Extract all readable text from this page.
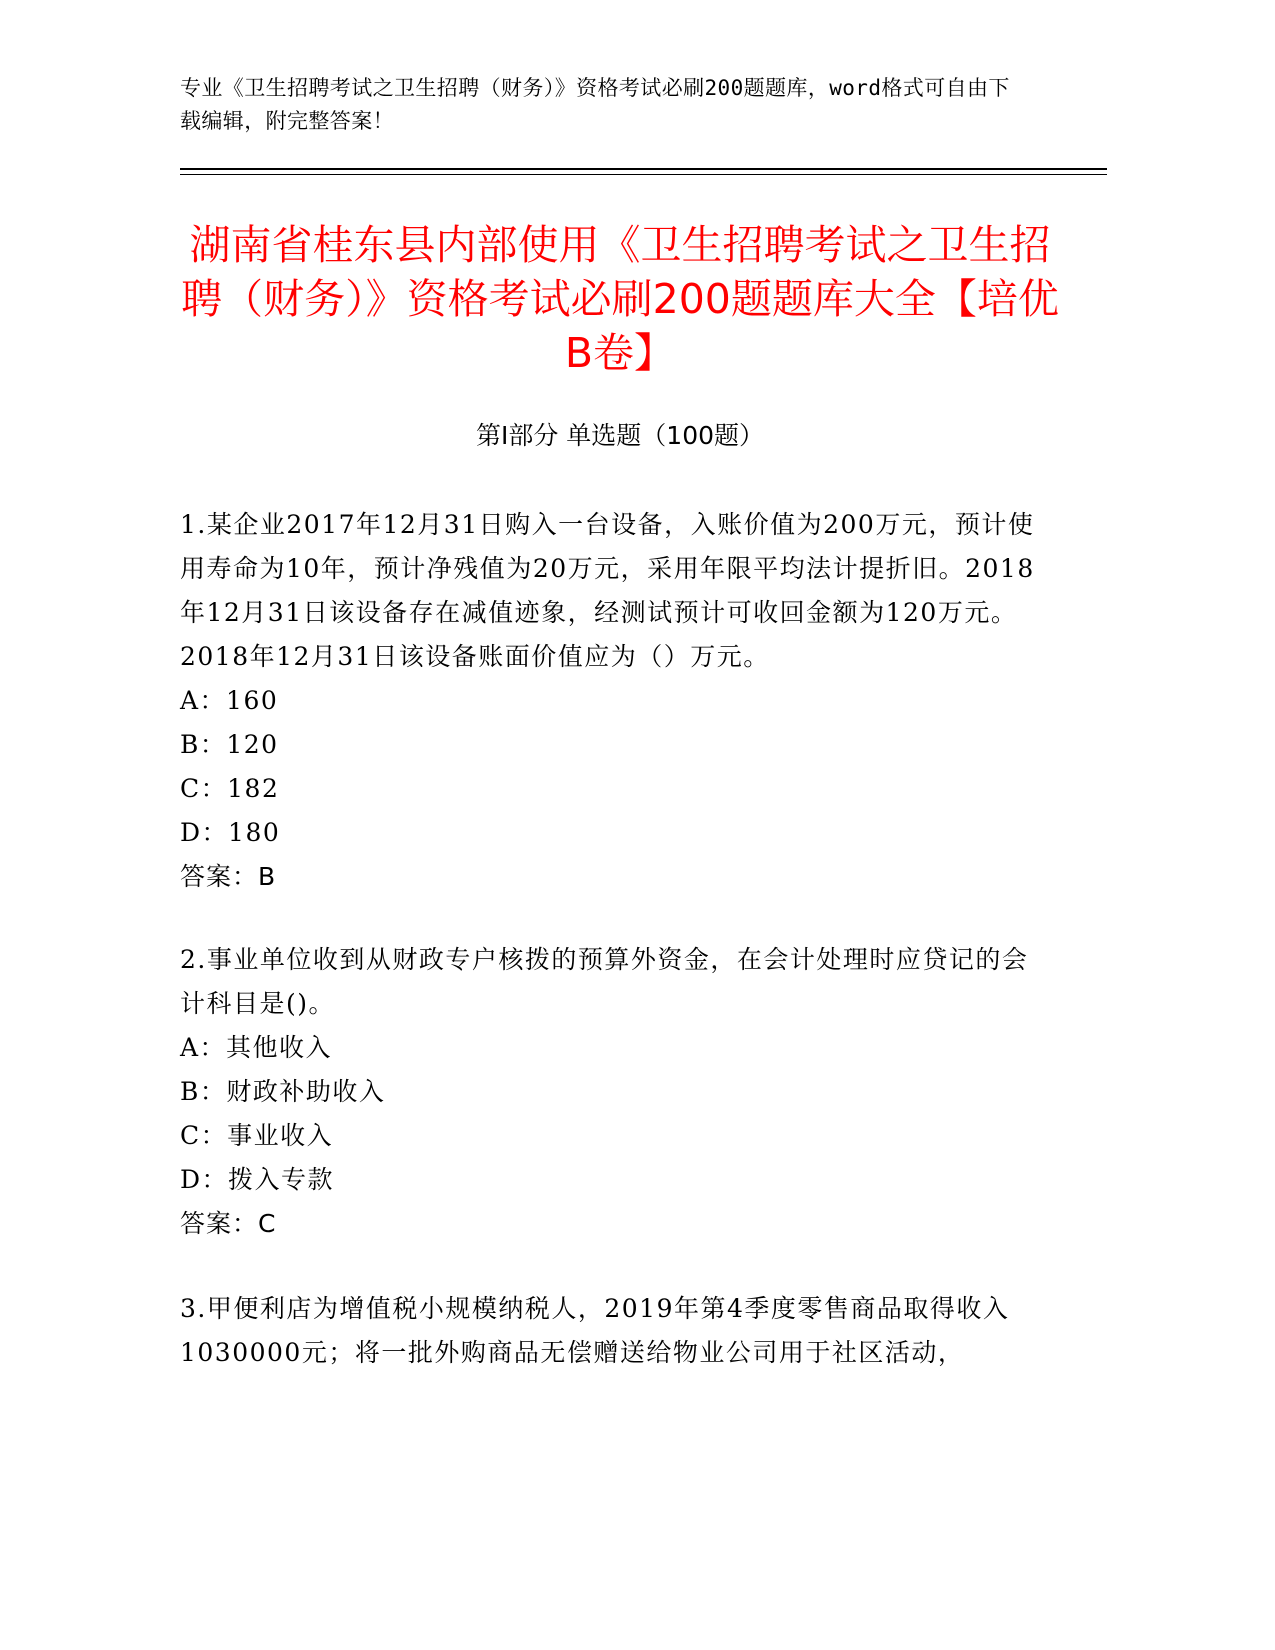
专业《卫生招聘考试之卫生招聘（财务）》资格考试必刷200题题库，word格式可自由下载编辑，附完整答案！
湖南省桂东县内部使用《卫生招聘考试之卫生招聘（财务）》资格考试必刷200题题库大全【培优B卷】
第Ⅰ部分 单选题（100题）
1.某企业2017年12月31日购入一台设备，入账价值为200万元，预计使用寿命为10年，预计净残值为20万元，采用年限平均法计提折旧。2018年12月31日该设备存在减值迹象，经测试预计可收回金额为120万元。2018年12月31日该设备账面价值应为（）万元。
A：160
B：120
C：182
D：180
答案：B
2.事业单位收到从财政专户核拨的预算外资金，在会计处理时应贷记的会计科目是()。
A：其他收入
B：财政补助收入
C：事业收入
D：拨入专款
答案：C
3.甲便利店为增值税小规模纳税人，2019年第4季度零售商品取得收入1030000元；将一批外购商品无偿赠送给物业公司用于社区活动，
